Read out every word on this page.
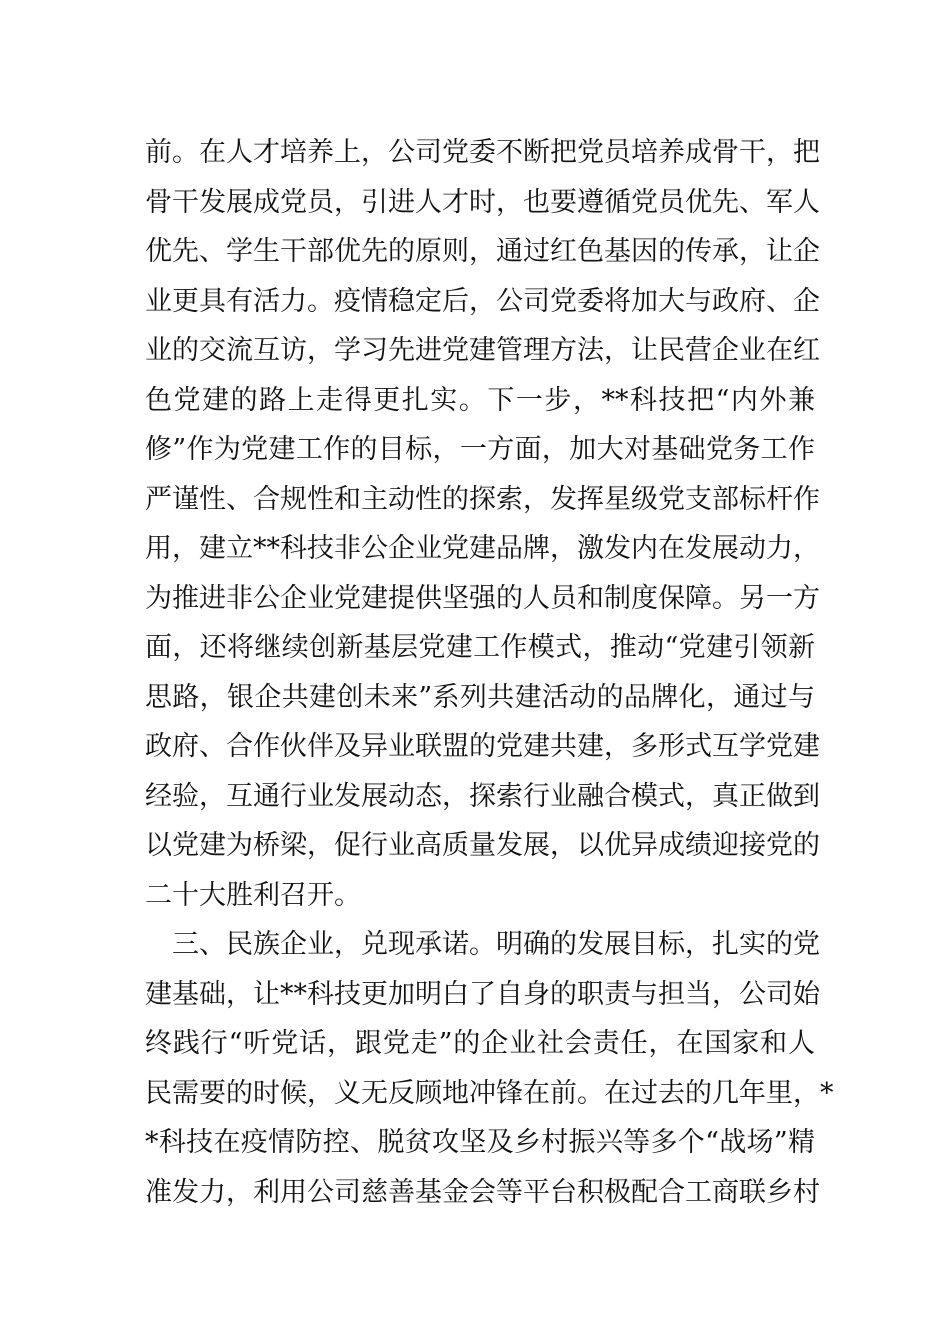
前。在人才培养上，公司党委不断把党员培养成骨干，把
骨干发展成党员，引进人才时，也要遵循党员优先、军人
优先、学生干部优先的原则，通过红色基因的传承，让企
业更具有活力。疫情稳定后，公司党委将加大与政府、企
业的交流互访，学习先进党建管理方法，让民营企业在红
色党建的路上走得更扎实。下一步，**科技把“内外兼
修”作为党建工作的目标，一方面，加大对基础党务工作
严谨性、合规性和主动性的探索，发挥星级党支部标杆作
用，建立**科技非公企业党建品牌，激发内在发展动力，
为推进非公企业党建提供坚强的人员和制度保障。另一方
面，还将继续创新基层党建工作模式，推动“党建引领新
思路，银企共建创未来”系列共建活动的品牌化，通过与
政府、合作伙伴及异业联盟的党建共建，多形式互学党建
经验，互通行业发展动态，探索行业融合模式，真正做到
以党建为桥梁，促行业高质量发展，以优异成绩迎接党的
二十大胜利召开。
　三、民族企业，兑现承诺。明确的发展目标，扎实的党
建基础，让**科技更加明白了自身的职责与担当，公司始
终践行“听党话，跟党走”的企业社会责任，在国家和人
民需要的时候，义无反顾地冲锋在前。在过去的几年里，*
*科技在疫情防控、脱贫攻坚及乡村振兴等多个“战场”精
准发力，利用公司慈善基金会等平台积极配合工商联乡村
